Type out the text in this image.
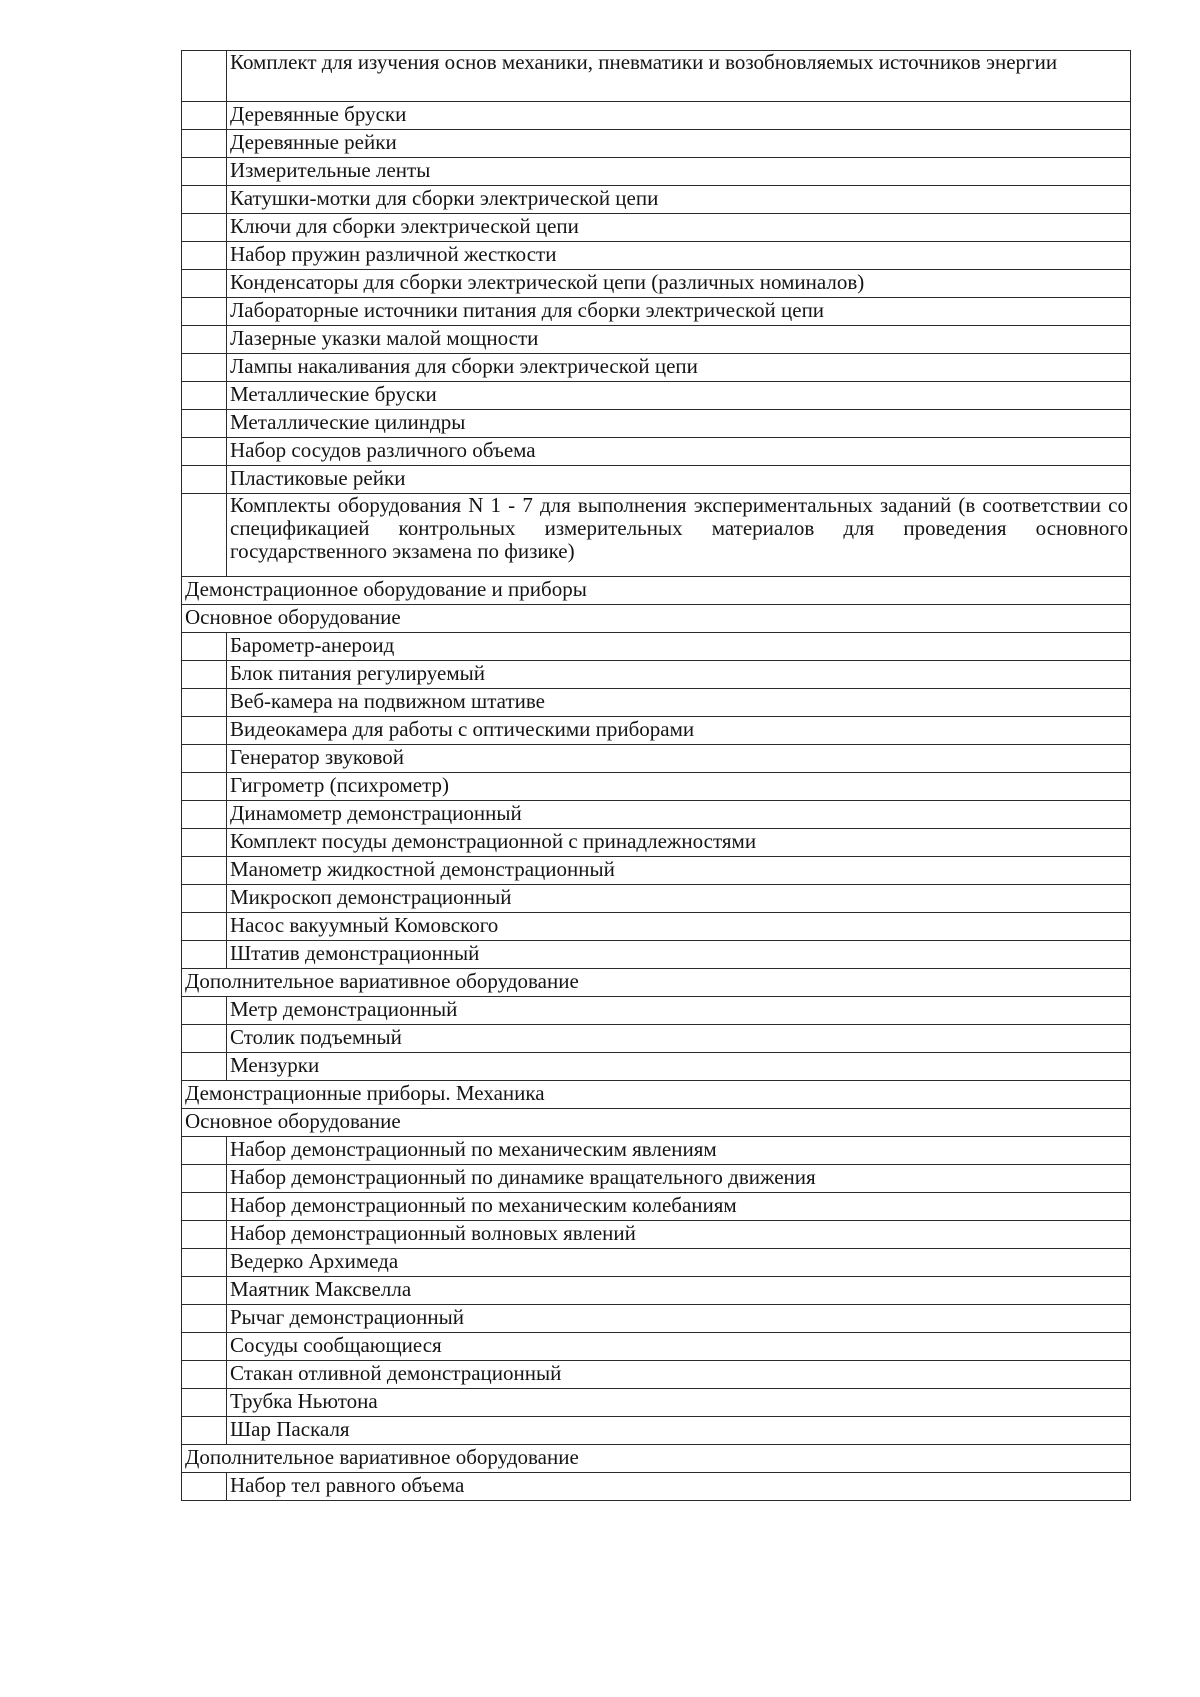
	Комплект для изучения основ механики, пневматики и возобновляемых источников энергии
	Деревянные бруски
	Деревянные рейки
	Измерительные ленты
	Катушки-мотки для сборки электрической цепи
	Ключи для сборки электрической цепи
	Набор пружин различной жесткости
	Конденсаторы для сборки электрической цепи (различных номиналов)
	Лабораторные источники питания для сборки электрической цепи
	Лазерные указки малой мощности
	Лампы накаливания для сборки электрической цепи
	Металлические бруски
	Металлические цилиндры
	Набор сосудов различного объема
	Пластиковые рейки
	Комплекты оборудования N 1 - 7 для выполнения экспериментальных заданий (в соответствии со спецификацией контрольных измерительных материалов для проведения основного государственного экзамена по физике)
Демонстрационное оборудование и приборы	
Основное оборудование	
	Барометр-анероид
	Блок питания регулируемый
	Веб-камера на подвижном штативе
	Видеокамера для работы с оптическими приборами
	Генератор звуковой
	Гигрометр (психрометр)
	Динамометр демонстрационный
	Комплект посуды демонстрационной с принадлежностями
	Манометр жидкостной демонстрационный
	Микроскоп демонстрационный
	Насос вакуумный Комовского
	Штатив демонстрационный
Дополнительное вариативное оборудование	
	Метр демонстрационный
	Столик подъемный
	Мензурки
Демонстрационные приборы. Механика	
Основное оборудование	
	Набор демонстрационный по механическим явлениям
	Набор демонстрационный по динамике вращательного движения
	Набор демонстрационный по механическим колебаниям
	Набор демонстрационный волновых явлений
	Ведерко Архимеда
	Маятник Максвелла
	Рычаг демонстрационный
	Сосуды сообщающиеся
	Стакан отливной демонстрационный
	Трубка Ньютона
	Шар Паскаля
Дополнительное вариативное оборудование	
	Набор тел равного объема
